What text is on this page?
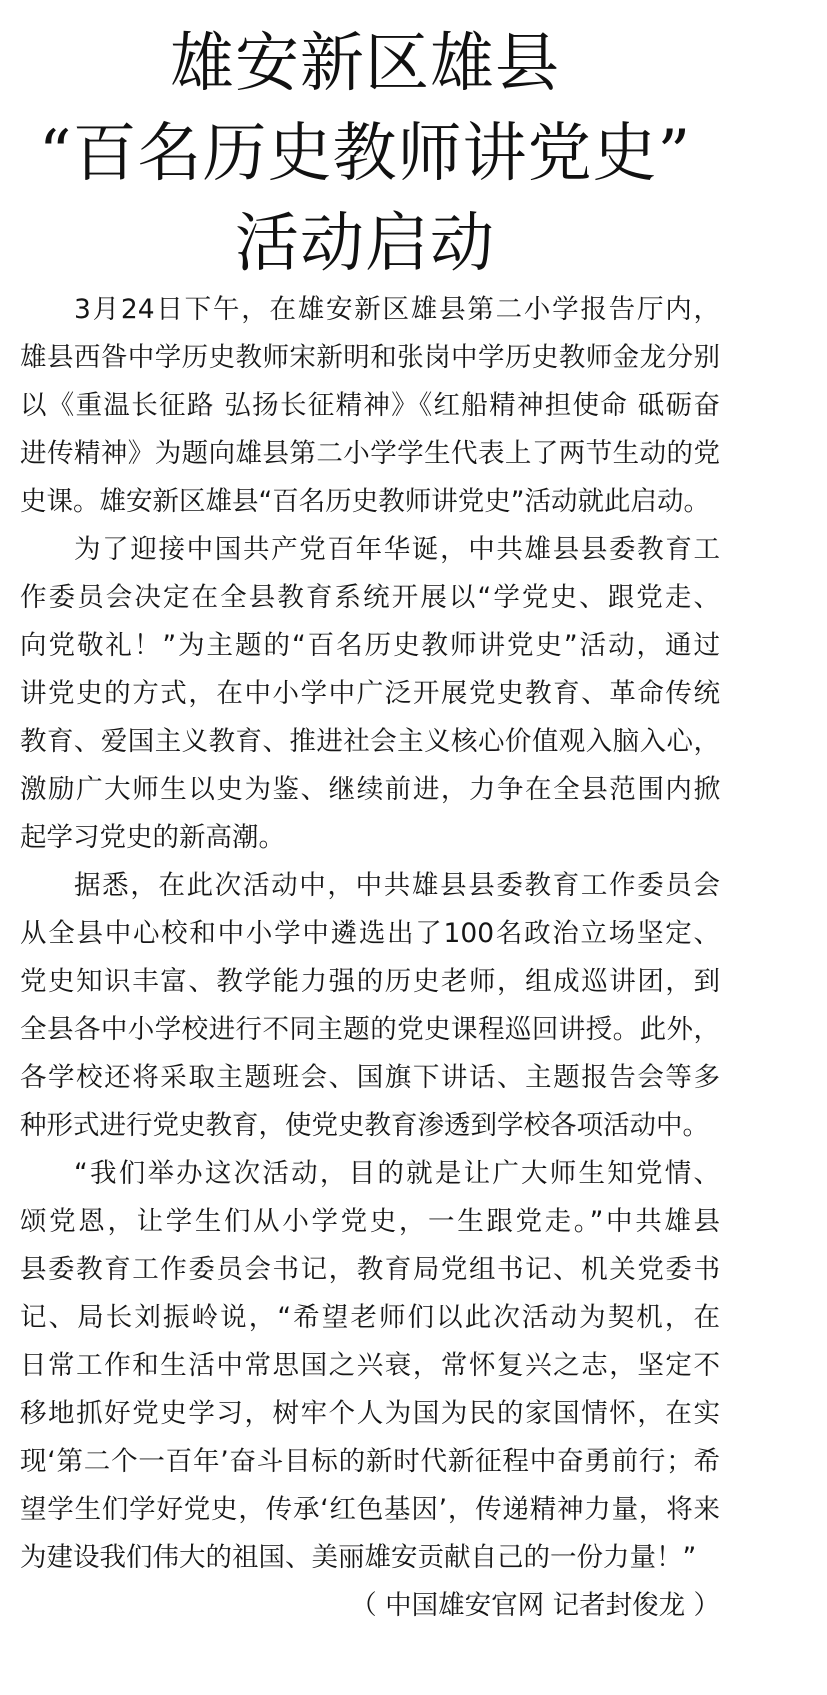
雄安新区雄县
“百名历史教师讲党史”
活动启动
3月24日下午，在雄安新区雄县第二小学报告厅内，
雄县西昝中学历史教师宋新明和张岗中学历史教师金龙分别
以《重温长征路 弘扬长征精神》《红船精神担使命 砥砺奋
进传精神》为题向雄县第二小学学生代表上了两节生动的党
史课。雄安新区雄县“百名历史教师讲党史”活动就此启动。
为了迎接中国共产党百年华诞，中共雄县县委教育工
作委员会决定在全县教育系统开展以“学党史、跟党走、
向党敬礼！”为主题的“百名历史教师讲党史”活动，通过
讲党史的方式，在中小学中广泛开展党史教育、革命传统
教育、爱国主义教育、推进社会主义核心价值观入脑入心，
激励广大师生以史为鉴、继续前进，力争在全县范围内掀
起学习党史的新高潮。
据悉，在此次活动中，中共雄县县委教育工作委员会
从全县中心校和中小学中遴选出了100名政治立场坚定、
党史知识丰富、教学能力强的历史老师，组成巡讲团，到
全县各中小学校进行不同主题的党史课程巡回讲授。此外，
各学校还将采取主题班会、国旗下讲话、主题报告会等多
种形式进行党史教育，使党史教育渗透到学校各项活动中。
“我们举办这次活动，目的就是让广大师生知党情、
颂党恩，让学生们从小学党史，一生跟党走。”中共雄县
县委教育工作委员会书记，教育局党组书记、机关党委书
记、局长刘振岭说，“希望老师们以此次活动为契机，在
日常工作和生活中常思国之兴衰，常怀复兴之志，坚定不
移地抓好党史学习，树牢个人为国为民的家国情怀，在实
现‘第二个一百年’奋斗目标的新时代新征程中奋勇前行；希
望学生们学好党史，传承‘红色基因’，传递精神力量，将来
为建设我们伟大的祖国、美丽雄安贡献自己的一份力量！”
（ 中国雄安官网 记者封俊龙 ）
